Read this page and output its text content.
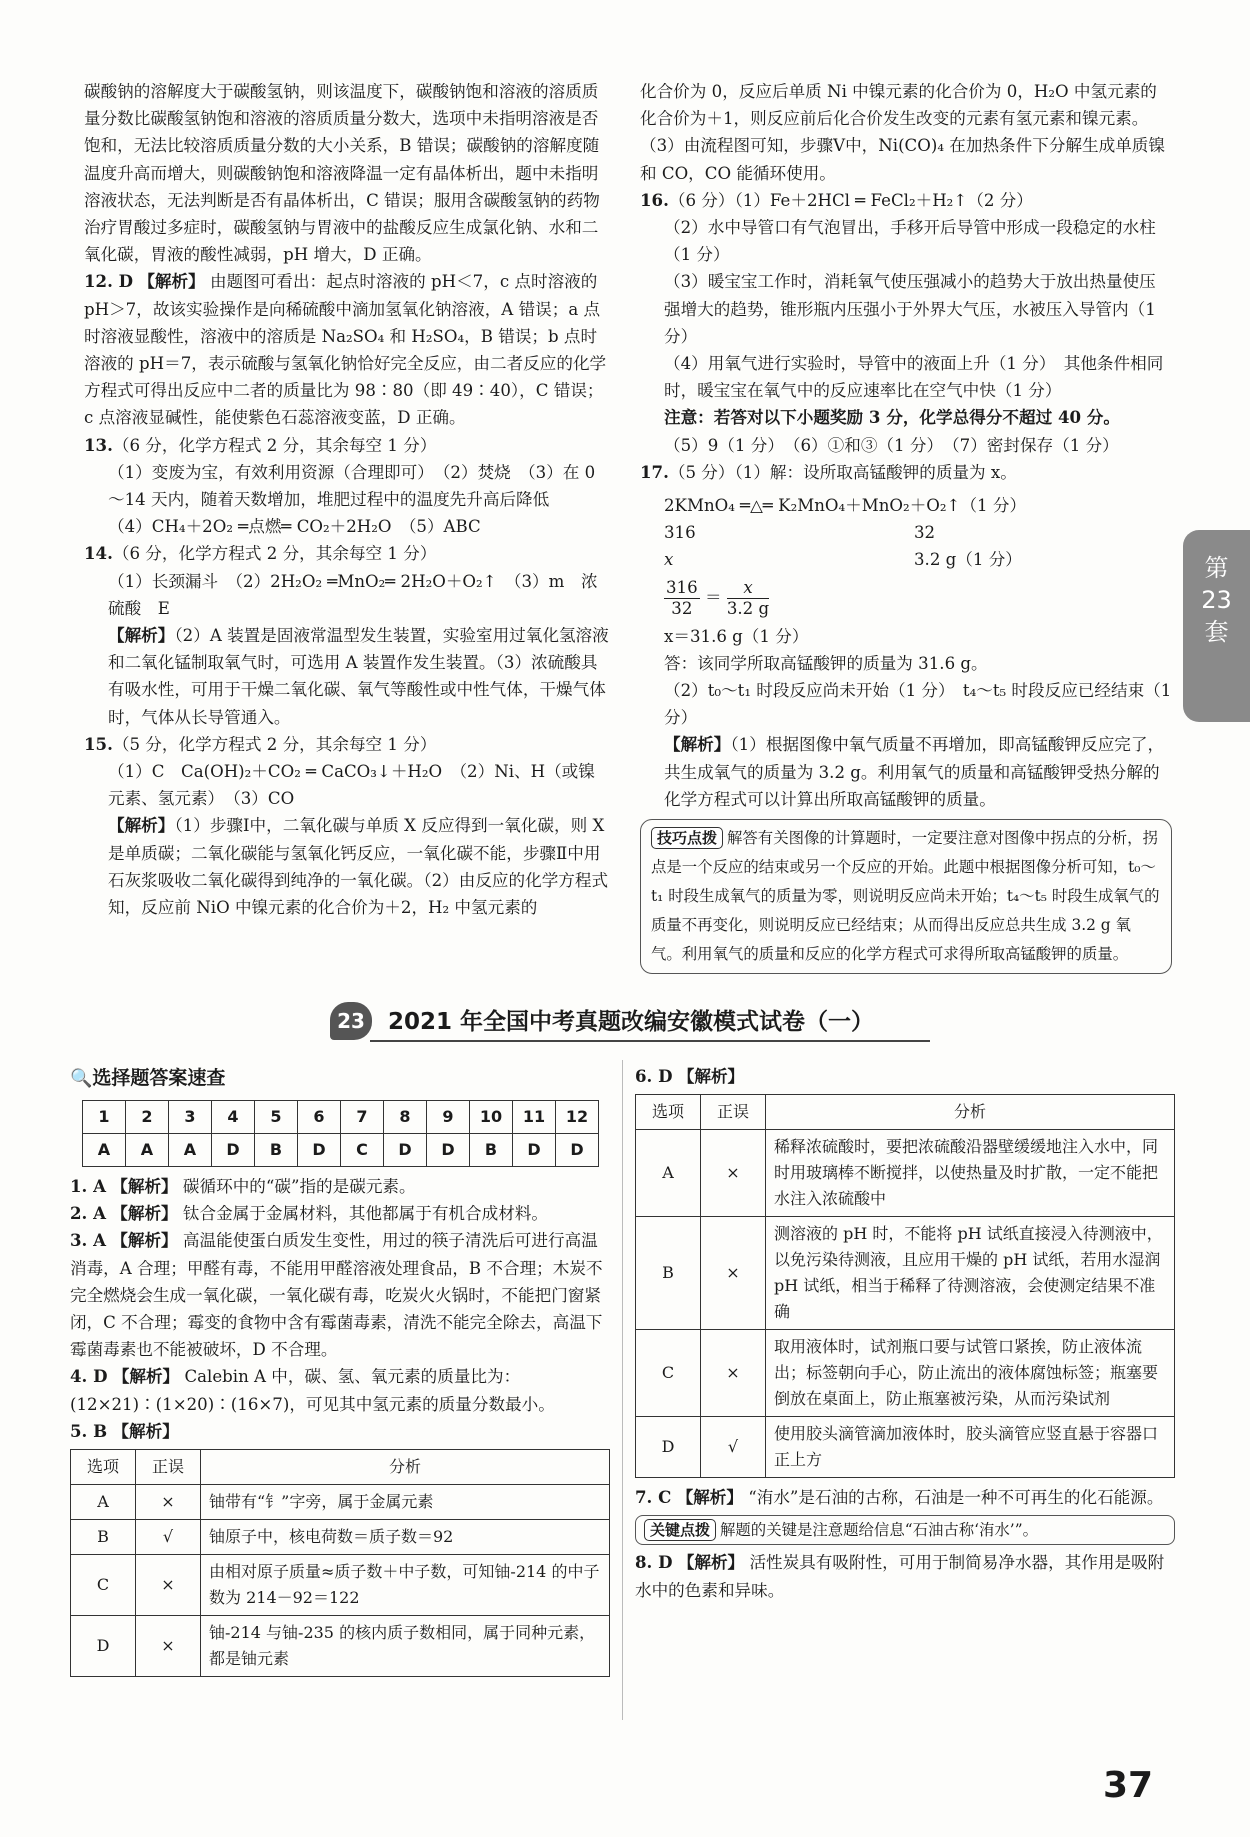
碳酸钠的溶解度大于碳酸氢钠，则该温度下，碳酸钠饱和溶液的溶质质量分数比碳酸氢钠饱和溶液的溶质质量分数大，选项中未指明溶液是否饱和，无法比较溶质质量分数的大小关系，B 错误；碳酸钠的溶解度随温度升高而增大，则碳酸钠饱和溶液降温一定有晶体析出，题中未指明溶液状态，无法判断是否有晶体析出，C 错误；服用含碳酸氢钠的药物治疗胃酸过多症时，碳酸氢钠与胃液中的盐酸反应生成氯化钠、水和二氧化碳，胃液的酸性减弱，pH 增大，D 正确。

12. D 【解析】 由题图可看出：起点时溶液的 pH＜7，c 点时溶液的 pH＞7，故该实验操作是向稀硫酸中滴加氢氧化钠溶液，A 错误；a 点时溶液显酸性，溶液中的溶质是 Na₂SO₄ 和 H₂SO₄，B 错误；b 点时溶液的 pH＝7，表示硫酸与氢氧化钠恰好完全反应，由二者反应的化学方程式可得出反应中二者的质量比为 98∶80（即 49∶40），C 错误；c 点溶液显碱性，能使紫色石蕊溶液变蓝，D 正确。

13.（6 分，化学方程式 2 分，其余每空 1 分）

（1）变废为宝，有效利用资源（合理即可）　（2）焚烧　（3）在 0～14 天内，随着天数增加，堆肥过程中的温度先升高后降低

（4）CH₄＋2O₂ ═点燃═ CO₂＋2H₂O　（5）ABC

14.（6 分，化学方程式 2 分，其余每空 1 分）

（1）长颈漏斗　（2）2H₂O₂ ═MnO₂═ 2H₂O＋O₂↑　（3）m　浓硫酸　E

【解析】（2）A 装置是固液常温型发生装置，实验室用过氧化氢溶液和二氧化锰制取氧气时，可选用 A 装置作发生装置。（3）浓硫酸具有吸水性，可用于干燥二氧化碳、氧气等酸性或中性气体，干燥气体时，气体从长导管通入。

15.（5 分，化学方程式 2 分，其余每空 1 分）

（1）C　Ca(OH)₂＋CO₂ ═ CaCO₃↓＋H₂O　（2）Ni、H（或镍元素、氢元素）　（3）CO

【解析】（1）步骤Ⅰ中，二氧化碳与单质 X 反应得到一氧化碳，则 X 是单质碳；二氧化碳能与氢氧化钙反应，一氧化碳不能，步骤Ⅱ中用石灰浆吸收二氧化碳得到纯净的一氧化碳。（2）由反应的化学方程式知，反应前 NiO 中镍元素的化合价为＋2，H₂ 中氢元素的

化合价为 0，反应后单质 Ni 中镍元素的化合价为 0，H₂O 中氢元素的化合价为＋1，则反应前后化合价发生改变的元素有氢元素和镍元素。（3）由流程图可知，步骤Ⅴ中，Ni(CO)₄ 在加热条件下分解生成单质镍和 CO，CO 能循环使用。

16.（6 分）（1）Fe＋2HCl ═ FeCl₂＋H₂↑（2 分）

（2）水中导管口有气泡冒出，手移开后导管中形成一段稳定的水柱（1 分）

（3）暖宝宝工作时，消耗氧气使压强减小的趋势大于放出热量使压强增大的趋势，锥形瓶内压强小于外界大气压，水被压入导管内（1 分）

（4）用氧气进行实验时，导管中的液面上升（1 分）　其他条件相同时，暖宝宝在氧气中的反应速率比在空气中快（1 分）

注意：若答对以下小题奖励 3 分，化学总得分不超过 40 分。

（5）9（1 分）　（6）①和③（1 分）　（7）密封保存（1 分）

17.（5 分）（1）解：设所取高锰酸钾的质量为 x。

2KMnO₄ ═△═ K₂MnO₄＋MnO₂＋O₂↑（1 分）

316	32

x	3.2 g（1 分）

$\frac{316}{32} = \frac{x}{3.2 g}$

x＝31.6 g（1 分）

答：该同学所取高锰酸钾的质量为 31.6 g。

（2）t₀～t₁ 时段反应尚未开始（1 分）　t₄～t₅ 时段反应已经结束（1 分）

【解析】（1）根据图像中氧气质量不再增加，即高锰酸钾反应完了，共生成氧气的质量为 3.2 g。利用氧气的质量和高锰酸钾受热分解的化学方程式可以计算出所取高锰酸钾的质量。

技巧点拨 解答有关图像的计算题时，一定要注意对图像中拐点的分析，拐点是一个反应的结束或另一个反应的开始。此题中根据图像分析可知，t₀～t₁ 时段生成氧气的质量为零，则说明反应尚未开始；t₄～t₅ 时段生成氧气的质量不再变化，则说明反应已经结束；从而得出反应总共生成 3.2 g 氧气。利用氧气的质量和反应的化学方程式可求得所取高锰酸钾的质量。
第
23
套
23	2021 年全国中考真题改编安徽模式试卷（一）
🔍选择题答案速查
1	2	3	4	5	6	7	8	9	10	11	12
A	A	A	D	B	D	C	D	D	B	D	D

1. A 【解析】 碳循环中的“碳”指的是碳元素。

2. A 【解析】 钛合金属于金属材料，其他都属于有机合成材料。

3. A 【解析】 高温能使蛋白质发生变性，用过的筷子清洗后可进行高温消毒，A 合理；甲醛有毒，不能用甲醛溶液处理食品，B 不合理；木炭不完全燃烧会生成一氧化碳，一氧化碳有毒，吃炭火火锅时，不能把门窗紧闭，C 不合理；霉变的食物中含有霉菌毒素，清洗不能完全除去，高温下霉菌毒素也不能被破坏，D 不合理。

4. D 【解析】 Calebin A 中，碳、氢、氧元素的质量比为：(12×21)∶(1×20)∶(16×7)，可见其中氢元素的质量分数最小。

5. B 【解析】

选项	正误	分析
A	×	铀带有“钅”字旁，属于金属元素
B	√	铀原子中，核电荷数＝质子数＝92
C	×	由相对原子质量≈质子数＋中子数，可知铀-214 的中子数为 214－92＝122
D	×	铀-214 与铀-235 的核内质子数相同，属于同种元素，都是铀元素

6. D 【解析】

选项	正误	分析
A	×	稀释浓硫酸时，要把浓硫酸沿器壁缓缓地注入水中，同时用玻璃棒不断搅拌，以使热量及时扩散，一定不能把水注入浓硫酸中
B	×	测溶液的 pH 时，不能将 pH 试纸直接浸入待测液中，以免污染待测液，且应用干燥的 pH 试纸，若用水湿润 pH 试纸，相当于稀释了待测溶液，会使测定结果不准确
C	×	取用液体时，试剂瓶口要与试管口紧挨，防止液体流出；标签朝向手心，防止流出的液体腐蚀标签；瓶塞要倒放在桌面上，防止瓶塞被污染，从而污染试剂
D	√	使用胶头滴管滴加液体时，胶头滴管应竖直悬于容器口正上方

7. C 【解析】 “洧水”是石油的古称，石油是一种不可再生的化石能源。

关键点拨 解题的关键是注意题给信息“石油古称‘洧水’”。

8. D 【解析】 活性炭具有吸附性，可用于制简易净水器，其作用是吸附水中的色素和异味。

37
